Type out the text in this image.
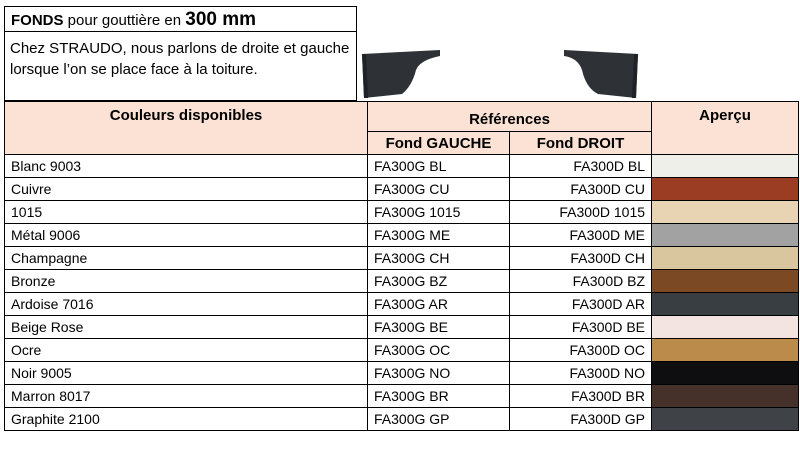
FONDS pour gouttière en 300 mm
Chez STRAUDO, nous parlons de droite et gauche lorsque l’on se place face à la toiture.
Couleurs disponibles	Références		Aperçu
	Fond GAUCHE	Fond DROIT	
Blanc 9003	FA300G BL	FA300D BL	
Cuivre	FA300G CU	FA300D CU	
1015	FA300G 1015	FA300D 1015	
Métal 9006	FA300G ME	FA300D ME	
Champagne	FA300G CH	FA300D CH	
Bronze	FA300G BZ	FA300D BZ	
Ardoise 7016	FA300G AR	FA300D AR	
Beige Rose	FA300G BE	FA300D BE	
Ocre	FA300G OC	FA300D OC	
Noir 9005	FA300G NO	FA300D NO	
Marron 8017	FA300G BR	FA300D BR	
Graphite 2100	FA300G GP	FA300D GP	
